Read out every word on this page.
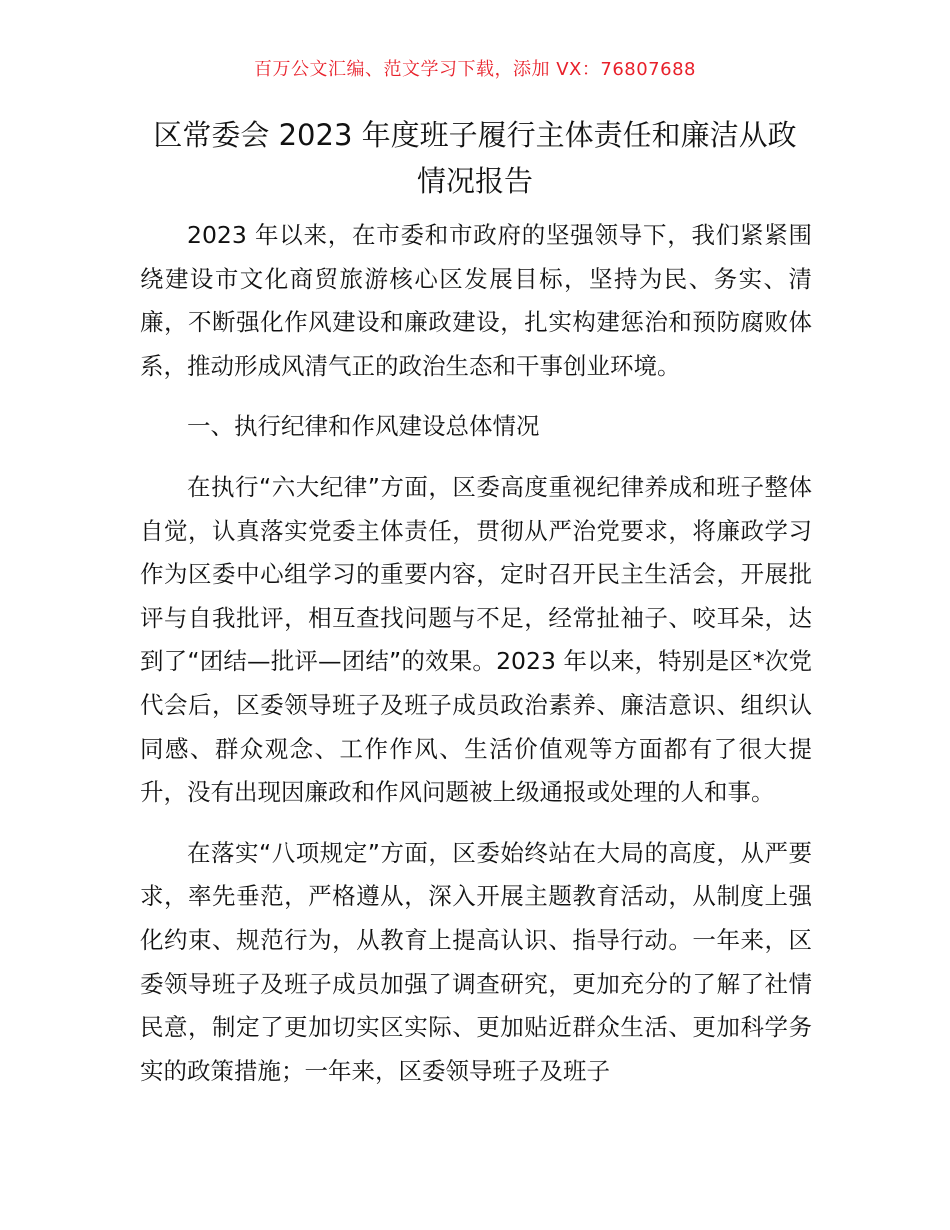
百万公文汇编、范文学习下载，添加 VX：76807688
区常委会 2023 年度班子履行主体责任和廉洁从政情况报告

2023 年以来，在市委和市政府的坚强领导下，我们紧紧围绕建设市文化商贸旅游核心区发展目标，坚持为民、务实、清廉，不断强化作风建设和廉政建设，扎实构建惩治和预防腐败体系，推动形成风清气正的政治生态和干事创业环境。

一、执行纪律和作风建设总体情况

在执行“六大纪律”方面，区委高度重视纪律养成和班子整体自觉，认真落实党委主体责任，贯彻从严治党要求，将廉政学习作为区委中心组学习的重要内容，定时召开民主生活会，开展批评与自我批评，相互查找问题与不足，经常扯袖子、咬耳朵，达到了“团结—批评—团结”的效果。2023 年以来，特别是区*次党代会后，区委领导班子及班子成员政治素养、廉洁意识、组织认同感、群众观念、工作作风、生活价值观等方面都有了很大提升，没有出现因廉政和作风问题被上级通报或处理的人和事。

在落实“八项规定”方面，区委始终站在大局的高度，从严要求，率先垂范，严格遵从，深入开展主题教育活动，从制度上强化约束、规范行为，从教育上提高认识、指导行动。一年来，区委领导班子及班子成员加强了调查研究，更加充分的了解了社情民意，制定了更加切实区实际、更加贴近群众生活、更加科学务实的政策措施；一年来，区委领导班子及班子
